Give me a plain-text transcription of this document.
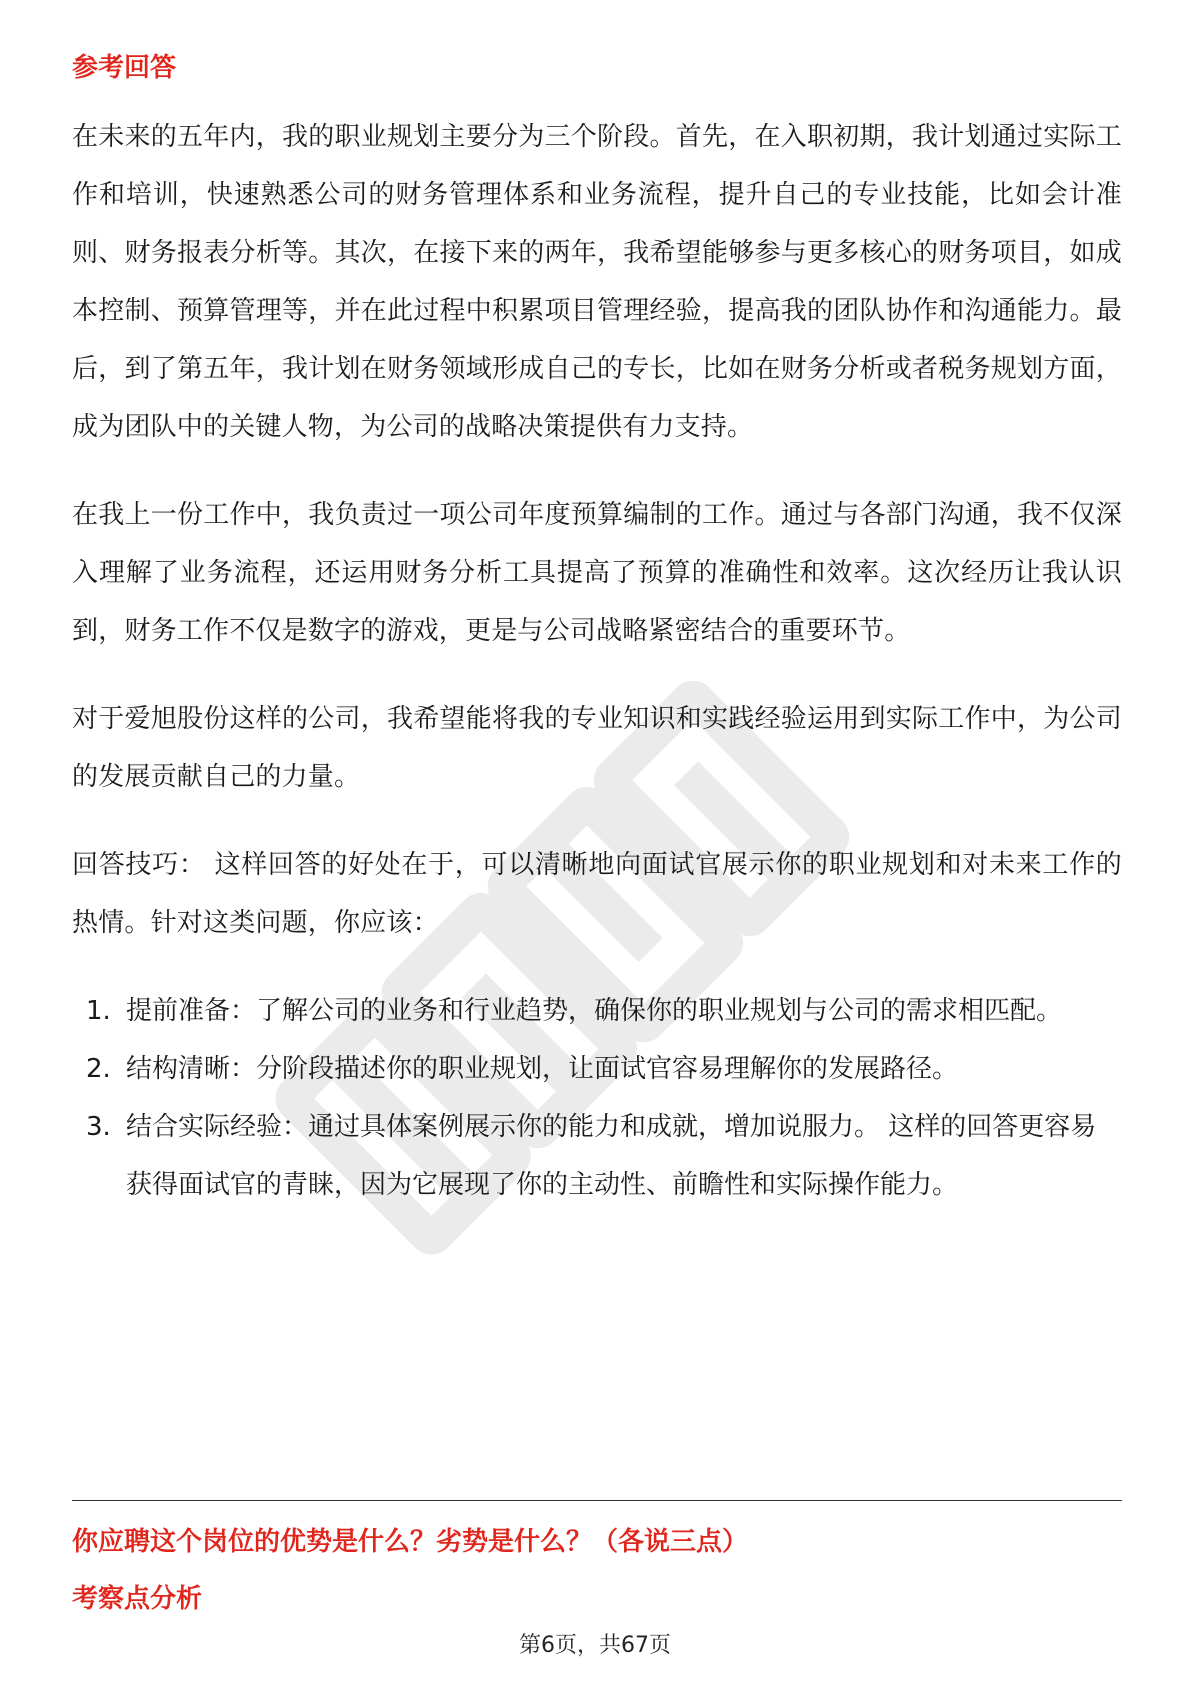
参考回答

在未来的五年内，我的职业规划主要分为三个阶段。首先，在入职初期，我计划通过实际工作和培训，快速熟悉公司的财务管理体系和业务流程，提升自己的专业技能，比如会计准则、财务报表分析等。其次，在接下来的两年，我希望能够参与更多核心的财务项目，如成本控制、预算管理等，并在此过程中积累项目管理经验，提高我的团队协作和沟通能力。最后，到了第五年，我计划在财务领域形成自己的专长，比如在财务分析或者税务规划方面，成为团队中的关键人物，为公司的战略决策提供有力支持。

在我上一份工作中，我负责过一项公司年度预算编制的工作。通过与各部门沟通，我不仅深入理解了业务流程，还运用财务分析工具提高了预算的准确性和效率。这次经历让我认识到，财务工作不仅是数字的游戏，更是与公司战略紧密结合的重要环节。

对于爱旭股份这样的公司，我希望能将我的专业知识和实践经验运用到实际工作中，为公司的发展贡献自己的力量。

回答技巧： 这样回答的好处在于，可以清晰地向面试官展示你的职业规划和对未来工作的热情。针对这类问题，你应该：

1. 提前准备：了解公司的业务和行业趋势，确保你的职业规划与公司的需求相匹配。
2. 结构清晰：分阶段描述你的职业规划，让面试官容易理解你的发展路径。
3. 结合实际经验：通过具体案例展示你的能力和成就，增加说服力。 这样的回答更容易获得面试官的青睐，因为它展现了你的主动性、前瞻性和实际操作能力。
你应聘这个岗位的优势是什么？劣势是什么？（各说三点）
考察点分析
第6页，共67页
